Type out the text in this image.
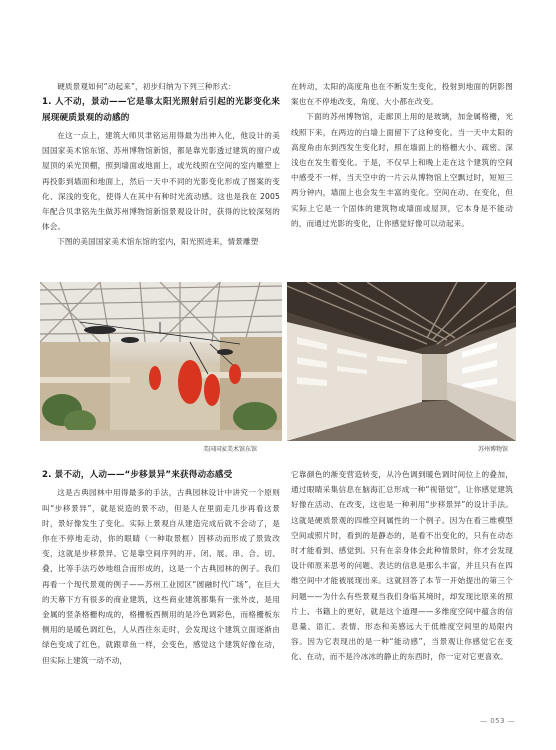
硬质景观如何“动起来”，初步归纳为下列三种形式：

1. 人不动，景动——它是靠太阳光照射后引起的光影变化来展现硬质景观的动感的

在这一点上，建筑大师贝聿铭运用得最为出神入化，他设计的美国国家美术馆东馆、苏州博物馆新馆，都是靠光影透过建筑的窗户或屋顶的采光顶棚，照到墙面或地面上，或光线照在空间的室内雕塑上再投影到墙面和地面上，然后一天中不同的光影变化形成了图案的变化、深浅的变化，使得人在其中有种时光流动感。这也是我在 2005 年配合贝聿铭先生做苏州博物馆新馆景观设计时，获得的比较深刻的体会。

下图的美国国家美术馆东馆的室内，阳光照进来，情景雕塑

在转动，太阳的高度角也在不断发生变化，投射到地面的阴影图案也在不停地改变，角度、大小都在改变。

下面的苏州博物馆，走廊顶上用的是玻璃，加金属格栅，光线照下来，在两边的白墙上面留下了这种变化。当一天中太阳的高度角由东到西发生变化时，照在墙面上的格栅大小、疏密、深浅也在发生着变化。于是，不仅早上和晚上走在这个建筑的空间中感受不一样，当天空中的一片云从博物馆上空飘过时，短短三两分钟内，墙面上也会发生丰富的变化。空间在动、在变化，但实际上它是一个固体的建筑物或墙面或屋顶，它本身是不能动的，而通过光影的变化，让你感觉好像可以动起来。

美国国家美术馆东馆	苏州博物馆
2. 景不动，人动——“步移景异”来获得动态感受

这是古典园林中用得最多的手法，古典园林设计中讲究一个原则叫“步移景异”，就是说造的景不动，但是人在里面走几步再看这景时，景好像发生了变化。实际上景观自从建造完成后就不会动了，是你在不停地走动，你的眼睛（一种取景框）因移动而形成了景致改变，这就是步移景异。它是靠空间序列的开、闭、展、串、合、切、叠，比等手法巧妙地组合而形成的，这是一个古典园林的例子。我们再看一个现代景观的例子——苏州工业园区“圆融时代广场”，在巨大的天幕下方有很多的商业建筑，这些商业建筑都集有一张外皮，是用金属的竖条格栅构成的，格栅板西侧用的是冷色调彩色，而格栅板东侧用的是暖色调红色，人从西往东走时，会发现这个建筑立面逐渐由绿色变成了红色，就跟章鱼一样，会变色，感觉这个建筑好像在动，但实际上建筑一动不动，

它靠颜色的渐变营造转变，从冷色调到暖色调时间位上的叠加，通过眼睛采集信息在脑海汇总形成一种“视错觉”，让你感觉建筑好像在活动、在改变，这也是一种利用“步移景异”的设计手法。这就是硬质景观的四维空间属性的一个例子。因为在看三维模型空间或照片时，看到的是静态的，是看不出变化的，只有在动态时才能看到、感觉到。只有在亲身体会此种情景时，你才会发现设计师原来思考的问题、表达的信息是那么丰富，并且只有在四维空间中才能被展现出来。这就回答了本节一开始提出的第三个问题——为什么有些景观当我们身临其境时，却发现比原来的照片上、书籍上的更好，就是这个道理——多维度空间中蕴含的信息量、语汇、表情、形态和美感远大于低维度空间里的局限内容。因为它表现出的是一种“能动感”，当景观让你感觉它在变化、在动，而不是冷冰冰的静止的东西时，你一定对它更喜欢。

— 053 —
